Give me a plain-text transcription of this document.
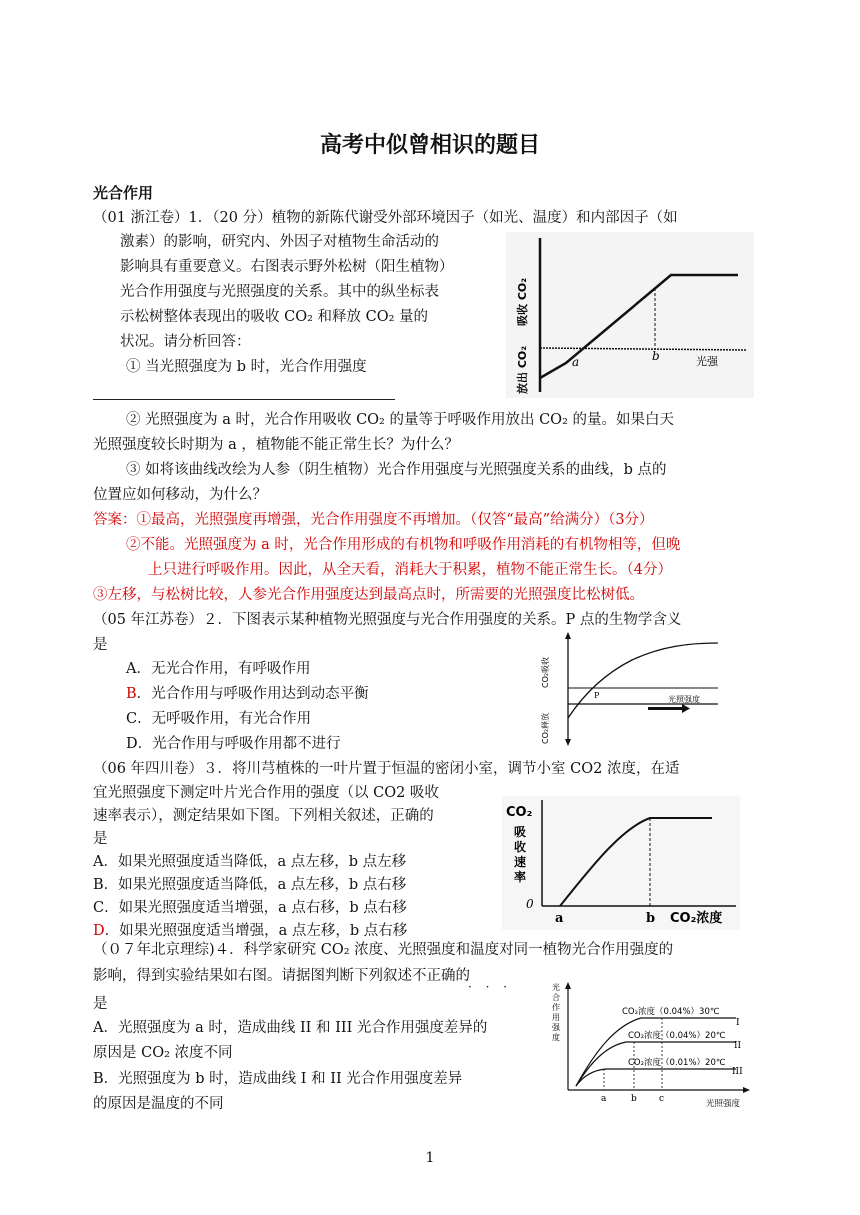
高考中似曾相识的题目
光合作用
（01 浙江卷）1．（20 分）植物的新陈代谢受外部环境因子（如光、温度）和内部因子（如
激素）的影响，研究内、外因子对植物生命活动的
影响具有重要意义。右图表示野外松树（阳生植物）
光合作用强度与光照强度的关系。其中的纵坐标表
示松树整体表现出的吸收 CO₂ 和释放 CO₂ 量的
状况。请分析回答：
① 当光照强度为 b 时，光合作用强度
② 光照强度为 a 时，光合作用吸收 CO₂ 的量等于呼吸作用放出 CO₂ 的量。如果白天
光照强度较长时期为 a ，植物能不能正常生长？为什么？
③ 如将该曲线改绘为人参（阴生植物）光合作用强度与光照强度关系的曲线，b 点的
位置应如何移动，为什么？
答案：①最高，光照强度再增强，光合作用强度不再增加。（仅答“最高”给满分）（3分）
②不能。光照强度为 a 时，光合作用形成的有机物和呼吸作用消耗的有机物相等，但晚
上只进行呼吸作用。因此，从全天看，消耗大于积累，植物不能正常生长。（4分）
③左移，与松树比较，人参光合作用强度达到最高点时，所需要的光照强度比松树低。
吸收 CO₂
放出 CO₂	a	b	光强
（05 年江苏卷）２．下图表示某种植物光照强度与光合作用强度的关系。P 点的生物学含义
是
A．无光合作用，有呼吸作用
B．光合作用与呼吸作用达到动态平衡
C．无呼吸作用，有光合作用
D．光合作用与呼吸作用都不进行
CO₂吸收
CO₂释放
P	光照强度
（06 年四川卷）３．将川芎植株的一叶片置于恒温的密闭小室，调节小室 CO2 浓度，在适
宜光照强度下测定叶片光合作用的强度（以 CO2 吸收
速率表示），测定结果如下图。下列相关叙述，正确的
是
A．如果光照强度适当降低，a 点左移，b 点左移
B．如果光照强度适当降低，a 点左移，b 点右移
C．如果光照强度适当增强，a 点右移，b 点右移
D．如果光照强度适当增强，a 点左移，b 点右移
CO₂
吸
收
速
率
0
a	b CO₂浓度
（０７年北京理综)４．科学家研究 CO₂ 浓度、光照强度和温度对同一植物光合作用强度的
影响，得到实验结果如右图。请据图判断下列叙述不正确的
· · ·
是
A．光照强度为 a 时，造成曲线 II 和 III 光合作用强度差异的
原因是 CO₂ 浓度不同
B．光照强度为 b 时，造成曲线 I 和 II 光合作用强度差异
的原因是温度的不同
光
合
作
用
强
度
CO₂浓度（0.04%）30℃
CO₂浓度（0.04%）20℃
CO₂浓度（0.01%）20℃
I
II
III
a	b c	光照强度
1
